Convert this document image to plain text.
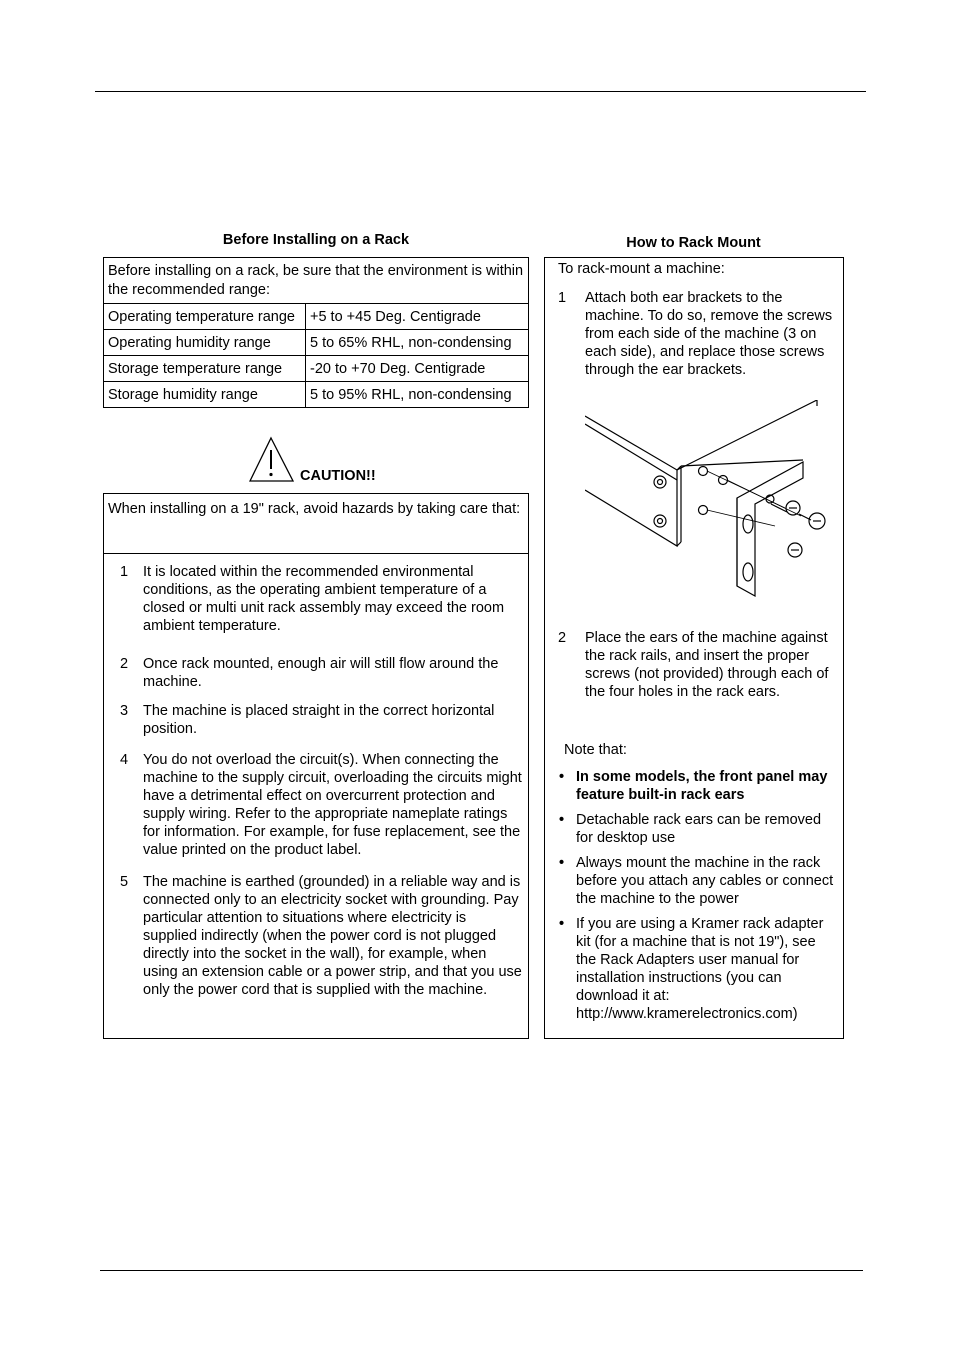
Before Installing on a Rack
Before installing on a rack, be sure that the environment is within the recommended range:
Operating temperature range	+5 to +45 Deg. Centigrade
Operating humidity range	5 to 65% RHL, non-condensing
Storage temperature range	-20 to +70 Deg. Centigrade
Storage humidity range	5 to 95% RHL, non-condensing
CAUTION!!
When installing on a 19" rack, avoid hazards by taking care that:
1 It is located within the recommended environmental conditions, as the operating ambient temperature of a closed or multi unit rack assembly may exceed the room ambient temperature.
2 Once rack mounted, enough air will still flow around the machine.
3 The machine is placed straight in the correct horizontal position.
4 You do not overload the circuit(s). When connecting the machine to the supply circuit, overloading the circuits might have a detrimental effect on overcurrent protection and supply wiring. Refer to the appropriate nameplate ratings for information. For example, for fuse replacement, see the value printed on the product label.
5 The machine is earthed (grounded) in a reliable way and is connected only to an electricity socket with grounding. Pay particular attention to situations where electricity is supplied indirectly (when the power cord is not plugged directly into the socket in the wall), for example, when using an extension cable or a power strip, and that you use only the power cord that is supplied with the machine.
How to Rack Mount
To rack-mount a machine:
1 Attach both ear brackets to the machine. To do so, remove the screws from each side of the machine (3 on each side), and replace those screws through the ear brackets.
2 Place the ears of the machine against the rack rails, and insert the proper screws (not provided) through each of the four holes in the rack ears.
Note that:
• In some models, the front panel may feature built-in rack ears
• Detachable rack ears can be removed for desktop use
• Always mount the machine in the rack before you attach any cables or connect the machine to the power
• If you are using a Kramer rack adapter kit (for a machine that is not 19"), see the Rack Adapters user manual for installation instructions (you can download it at: http://www.kramerelectronics.com)
